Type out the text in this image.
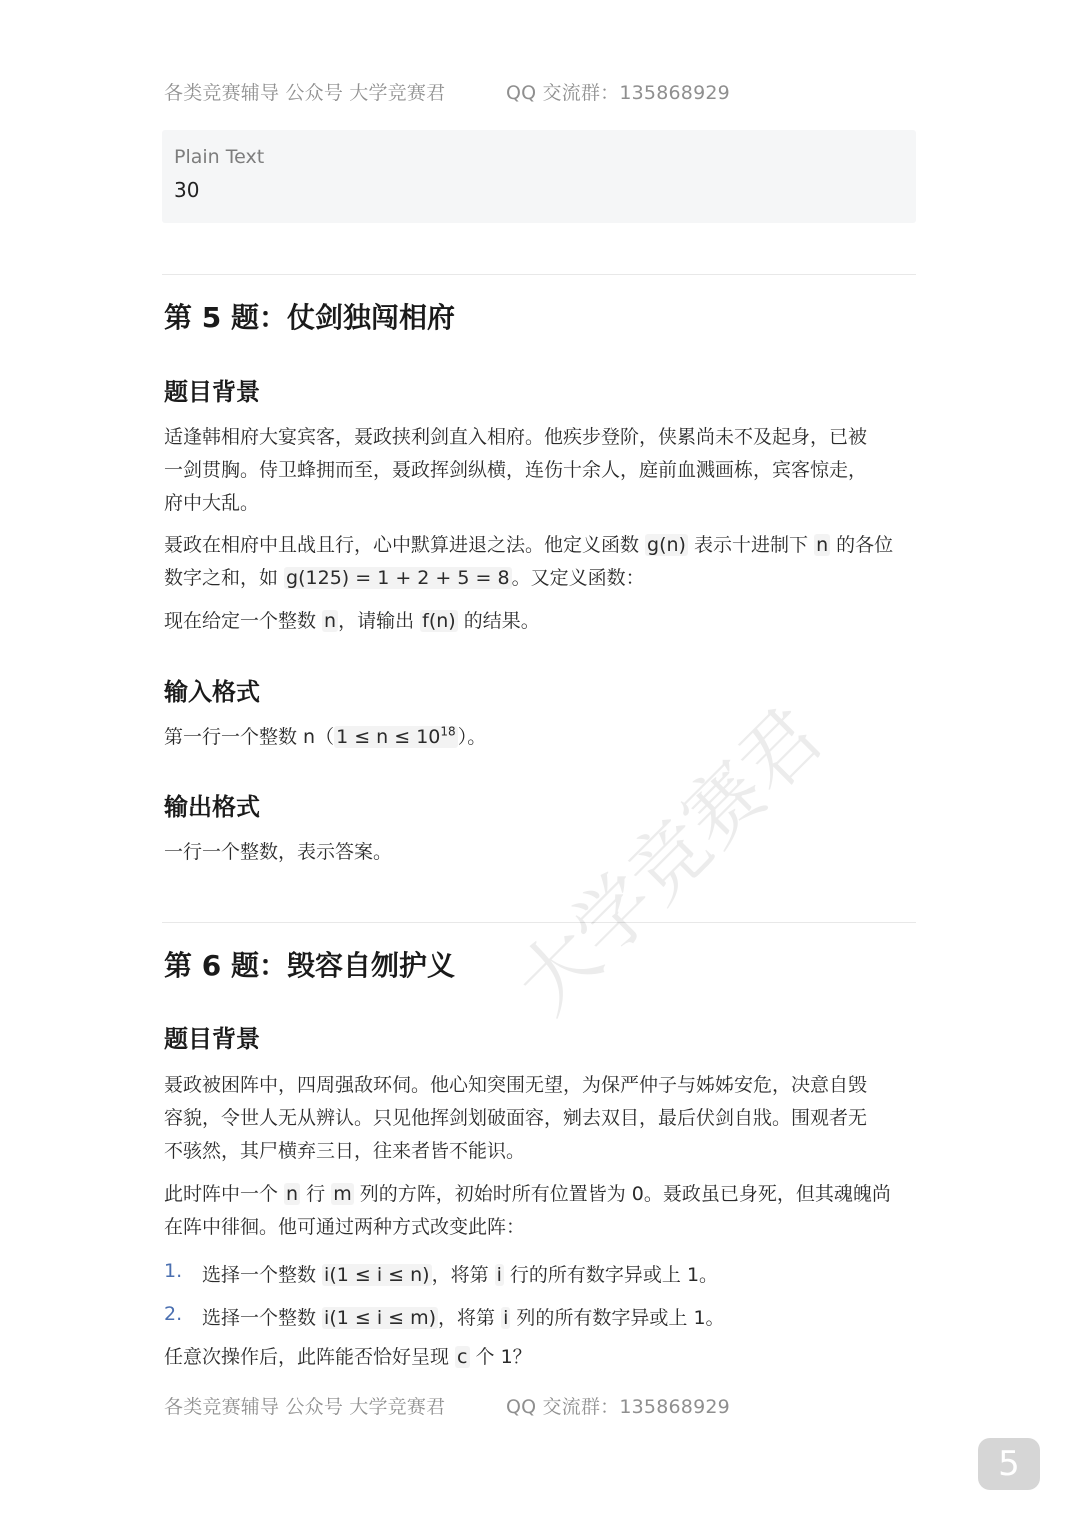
各类竞赛辅导 公众号 大学竞赛君	QQ 交流群：135868929
Plain Text
30
第 5 题：仗剑独闯相府
题目背景
适逢韩相府大宴宾客，聂政挟利剑直入相府。他疾步登阶，侠累尚未不及起身，已被
一剑贯胸。侍卫蜂拥而至，聂政挥剑纵横，连伤十余人，庭前血溅画栋，宾客惊走，
府中大乱。
聂政在相府中且战且行，心中默算进退之法。他定义函数 g(n) 表示十进制下 n 的各位
数字之和，如 g(125) = 1 + 2 + 5 = 8 。又定义函数：
现在给定一个整数 n ，请输出 f(n) 的结果。
输入格式
第一行一个整数 n（ $1 \le n \le 10^{18}$ ）。
输出格式
一行一个整数，表示答案。
第 6 题：毁容自刎护义
题目背景
聂政被困阵中，四周强敌环伺。他心知突围无望，为保严仲子与姊姊安危，决意自毁
容貌，令世人无从辨认。只见他挥剑划破面容，剜去双目，最后伏剑自戕。围观者无
不骇然，其尸横弃三日，往来者皆不能识。
此时阵中一个 n 行 m 列的方阵，初始时所有位置皆为 0。聂政虽已身死，但其魂魄尚
在阵中徘徊。他可通过两种方式改变此阵：
1. 选择一个整数 i(1 ≤ i ≤ n) ，将第 i 行的所有数字异或上 1。
2. 选择一个整数 i(1 ≤ i ≤ m) ，将第 i 列的所有数字异或上 1。
任意次操作后，此阵能否恰好呈现 c 个 1？
各类竞赛辅导 公众号 大学竞赛君	QQ 交流群：135868929
大学竞赛君
5
